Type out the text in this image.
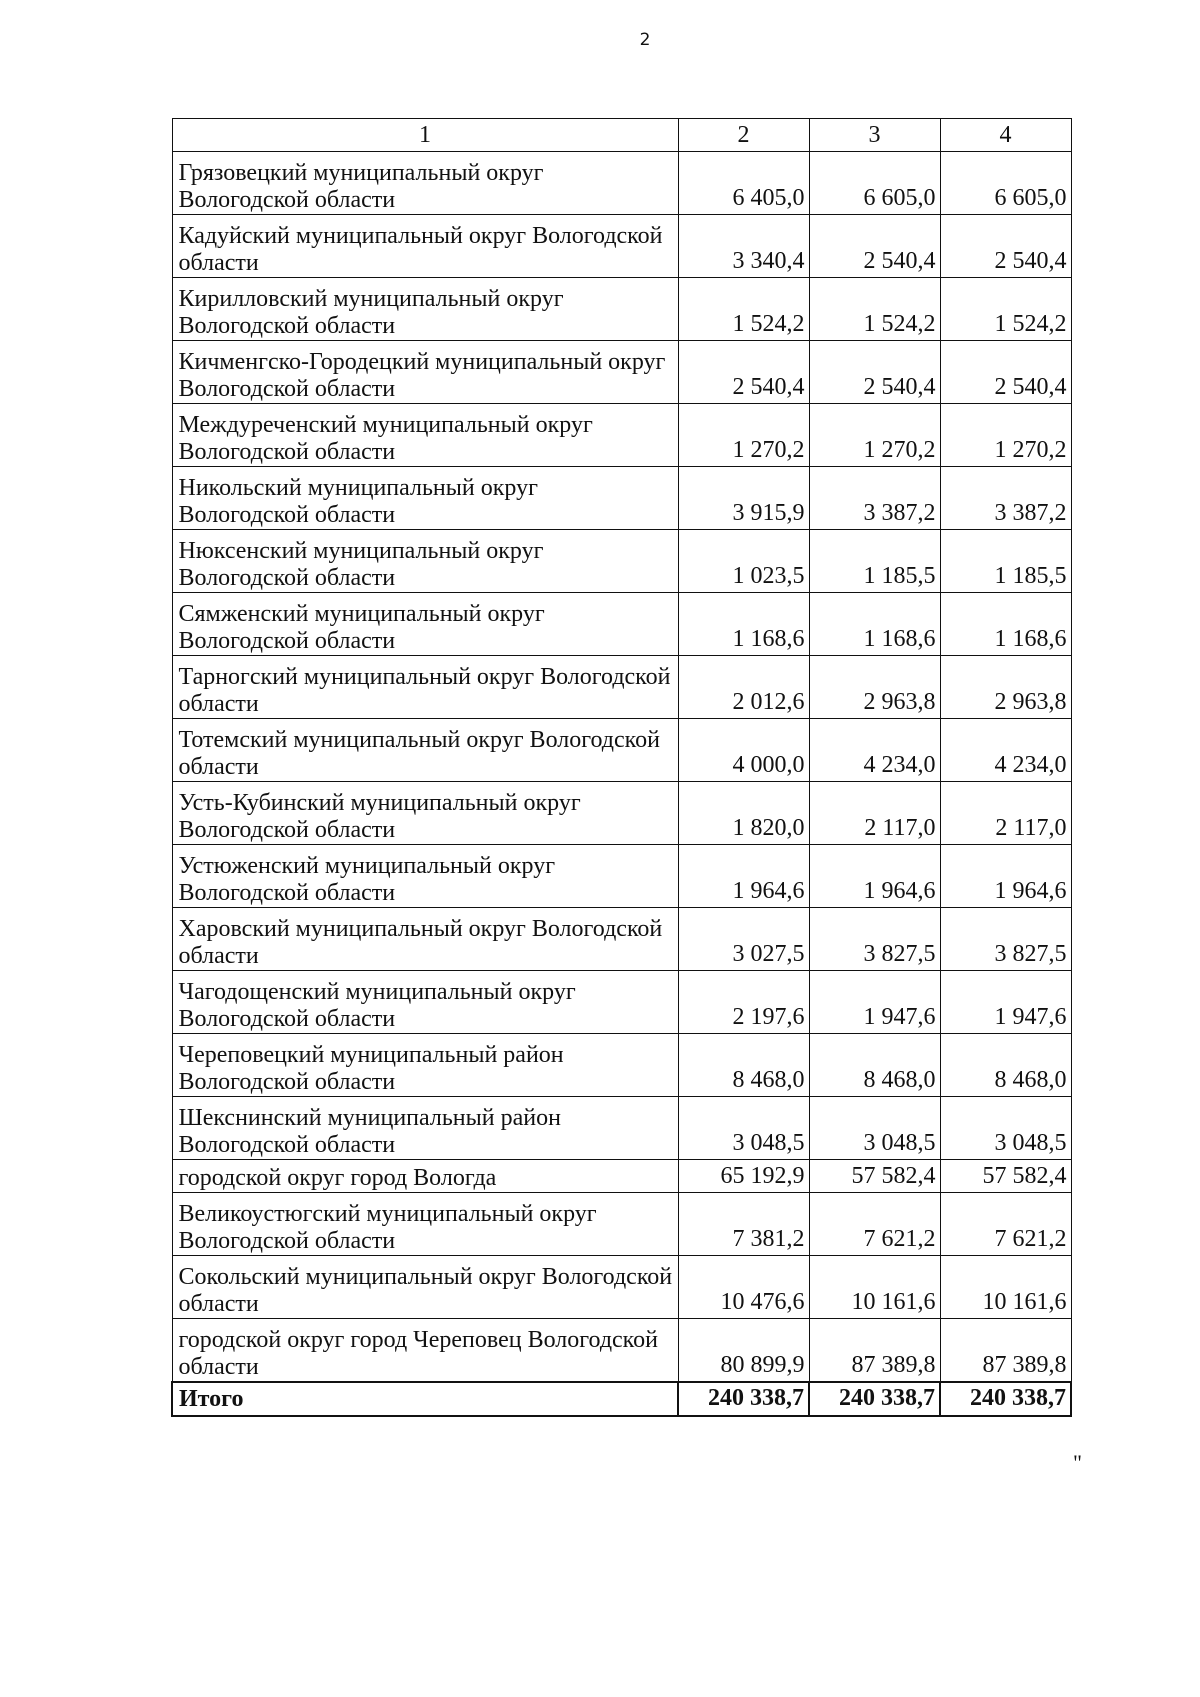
2
1	2	3	4
Грязовецкий муниципальный округ Вологодской области	6 405,0	6 605,0	6 605,0
Кадуйский муниципальный округ Вологодской области	3 340,4	2 540,4	2 540,4
Кирилловский муниципальный округ Вологодской области	1 524,2	1 524,2	1 524,2
Кичменгско-Городецкий муниципальный округ Вологодской области	2 540,4	2 540,4	2 540,4
Междуреченский муниципальный округ Вологодской области	1 270,2	1 270,2	1 270,2
Никольский муниципальный округ Вологодской области	3 915,9	3 387,2	3 387,2
Нюксенский муниципальный округ Вологодской области	1 023,5	1 185,5	1 185,5
Сямженский муниципальный округ Вологодской области	1 168,6	1 168,6	1 168,6
Тарногский муниципальный округ Вологодской области	2 012,6	2 963,8	2 963,8
Тотемский муниципальный округ Вологодской области	4 000,0	4 234,0	4 234,0
Усть-Кубинский муниципальный округ Вологодской области	1 820,0	2 117,0	2 117,0
Устюженский муниципальный округ Вологодской области	1 964,6	1 964,6	1 964,6
Харовский муниципальный округ Вологодской области	3 027,5	3 827,5	3 827,5
Чагодощенский муниципальный округ Вологодской области	2 197,6	1 947,6	1 947,6
Череповецкий муниципальный район Вологодской области	8 468,0	8 468,0	8 468,0
Шекснинский муниципальный район Вологодской области	3 048,5	3 048,5	3 048,5
городской округ город Вологда	65 192,9	57 582,4	57 582,4
Великоустюгский муниципальный округ Вологодской области	7 381,2	7 621,2	7 621,2
Сокольский муниципальный округ Вологодской области	10 476,6	10 161,6	10 161,6
городской округ город Череповец Вологодской области	80 899,9	87 389,8	87 389,8
Итого	240 338,7	240 338,7	240 338,7
"
